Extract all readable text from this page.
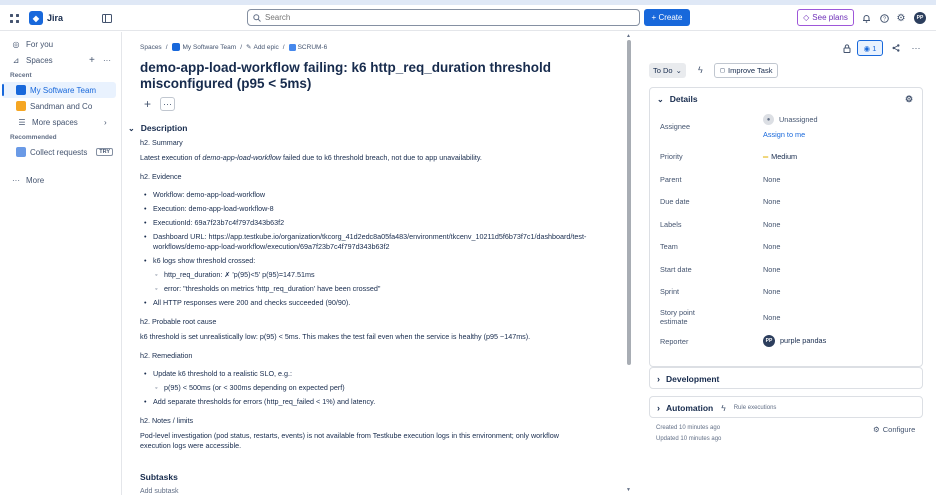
◆ Jira
Search	+ Create	◇ See plans	?	⚙	PP
◎ For you
⊿ Spaces	+ ···
Recent
My Software Team
Sandman and Co
☰ More spaces	›
Recommended
Collect requests	TRY
··· More
Spaces / My Software Team / ✎ Add epic / SCRUM-6
demo-app-load-workflow failing: k6 http_req_duration threshold misconfigured (p95 < 5ms)
+	···
⌄ Description
h2. Summary
Latest execution of demo-app-load-workflow failed due to k6 threshold breach, not due to app unavailability.
h2. Evidence
• Workflow: demo-app-load-workflow
• Execution: demo-app-load-workflow-8
• ExecutionId: 69a7f23b7c4f797d343b63f2
• Dashboard URL: https://app.testkube.io/organization/tkcorg_41d2edc8a05fa483/environment/tkcenv_10211d5f6b73f7c1/dashboard/test-workflows/demo-app-load-workflow/execution/69a7f23b7c4f797d343b63f2
• k6 logs show threshold crossed:
◦ http_req_duration: ✗ 'p(95)<5' p(95)=147.51ms
◦ error: "thresholds on metrics 'http_req_duration' have been crossed"
• All HTTP responses were 200 and checks succeeded (90/90).
h2. Probable root cause
k6 threshold is set unrealistically low: p(95) < 5ms. This makes the test fail even when the service is healthy (p95 ~147ms).
h2. Remediation
• Update k6 threshold to a realistic SLO, e.g.:
◦ p(95) < 500ms (or < 300ms depending on expected perf)
• Add separate thresholds for errors (http_req_failed < 1%) and latency.
h2. Notes / limits
Pod-level investigation (pod status, restarts, events) is not available from Testkube execution logs in this environment; only workflow execution logs were accessible.
Subtasks
Add subtask
▲
▼
◉ 1	···
To Do ⌄ ϟ	◻ Improve Task
⌄ Details	⚙
Assignee
●	Unassigned
Assign to me
Priority	═ Medium
Parent	None
Due date	None
Labels	None
Team	None
Start date	None
Sprint	None
Story point estimate	None
Reporter	PP	purple pandas
› Development
› Automation ϟ Rule executions
Created 10 minutes ago
Updated 10 minutes ago
⚙ Configure
